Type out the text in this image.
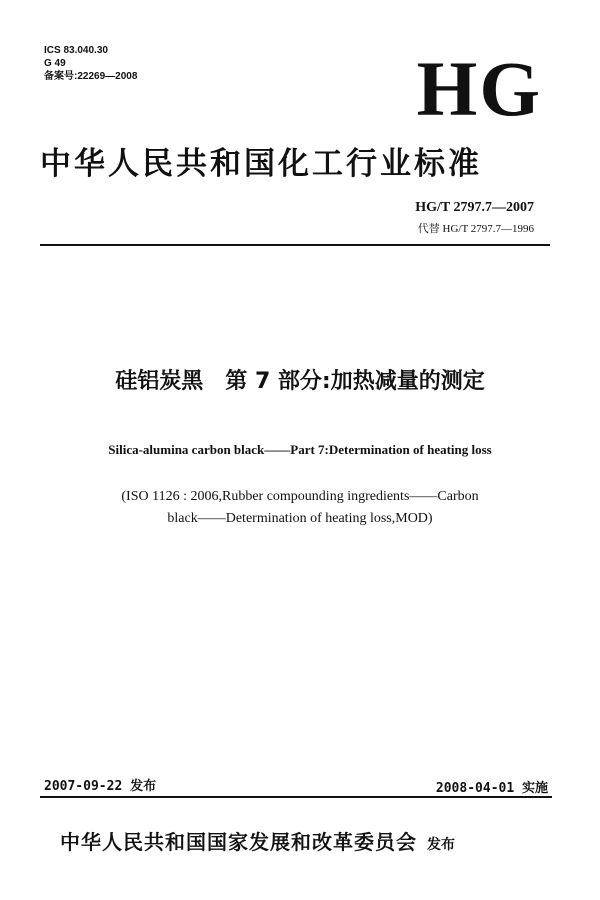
ICS 83.040.30
G 49
备案号:22269—2008	HG
中华人民共和国化工行业标准
HG/T 2797.7—2007
代替 HG/T 2797.7—1996
硅铝炭黑 第 7 部分:加热减量的测定
Silica-alumina carbon black——Part 7:Determination of heating loss
(ISO 1126 : 2006,Rubber compounding ingredients——Carbon
black——Determination of heating loss,MOD)
2007-09-22 发布	2008-04-01 实施
中华人民共和国国家发展和改革委员会 发布
